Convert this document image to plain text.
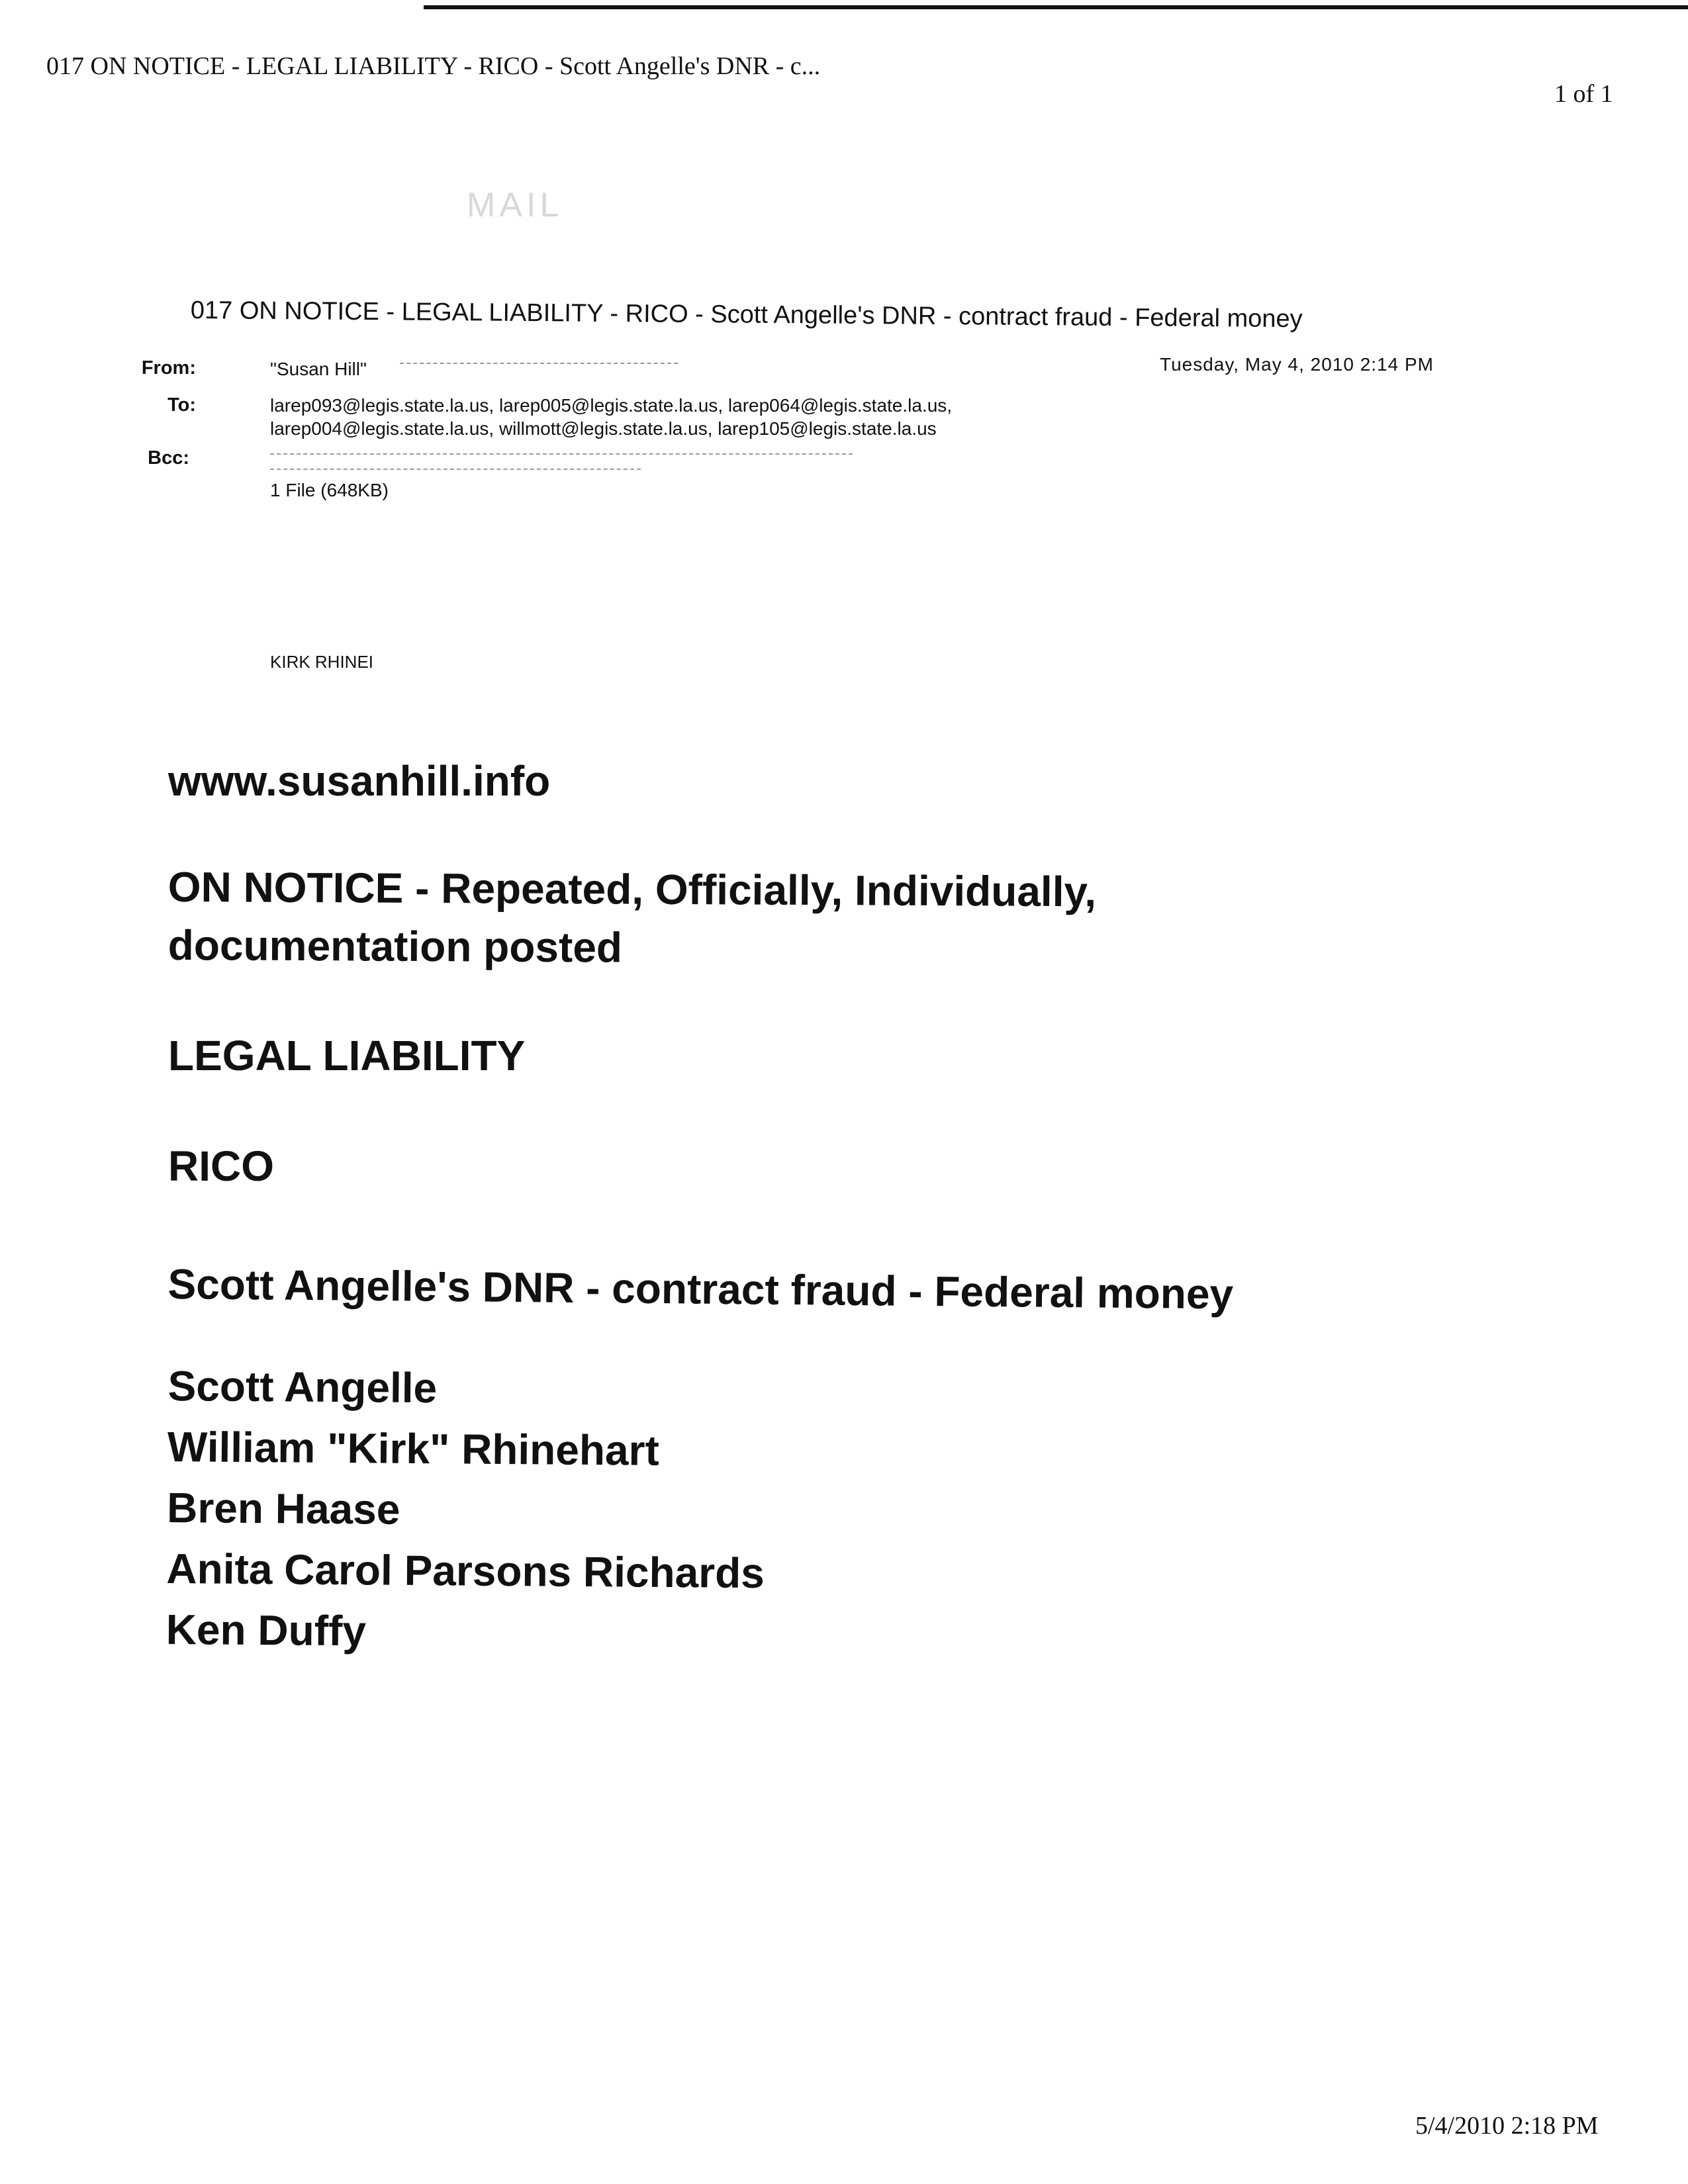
017 ON NOTICE - LEGAL LIABILITY - RICO - Scott Angelle's DNR - c...
1 of 1
MAIL
017 ON NOTICE - LEGAL LIABILITY - RICO - Scott Angelle's DNR - contract fraud - Federal money
From:	"Susan Hill"	Tuesday, May 4, 2010 2:14 PM
To:	larep093@legis.state.la.us, larep005@legis.state.la.us, larep064@legis.state.la.us,
larep004@legis.state.la.us, willmott@legis.state.la.us, larep105@legis.state.la.us
Bcc:
1 File (648KB)
KIRK RHINEI
www.susanhill.info
ON NOTICE - Repeated, Officially, Individually,
documentation posted
LEGAL LIABILITY
RICO
Scott Angelle's DNR - contract fraud - Federal money
Scott Angelle
William "Kirk" Rhinehart
Bren Haase
Anita Carol Parsons Richards
Ken Duffy
5/4/2010 2:18 PM
